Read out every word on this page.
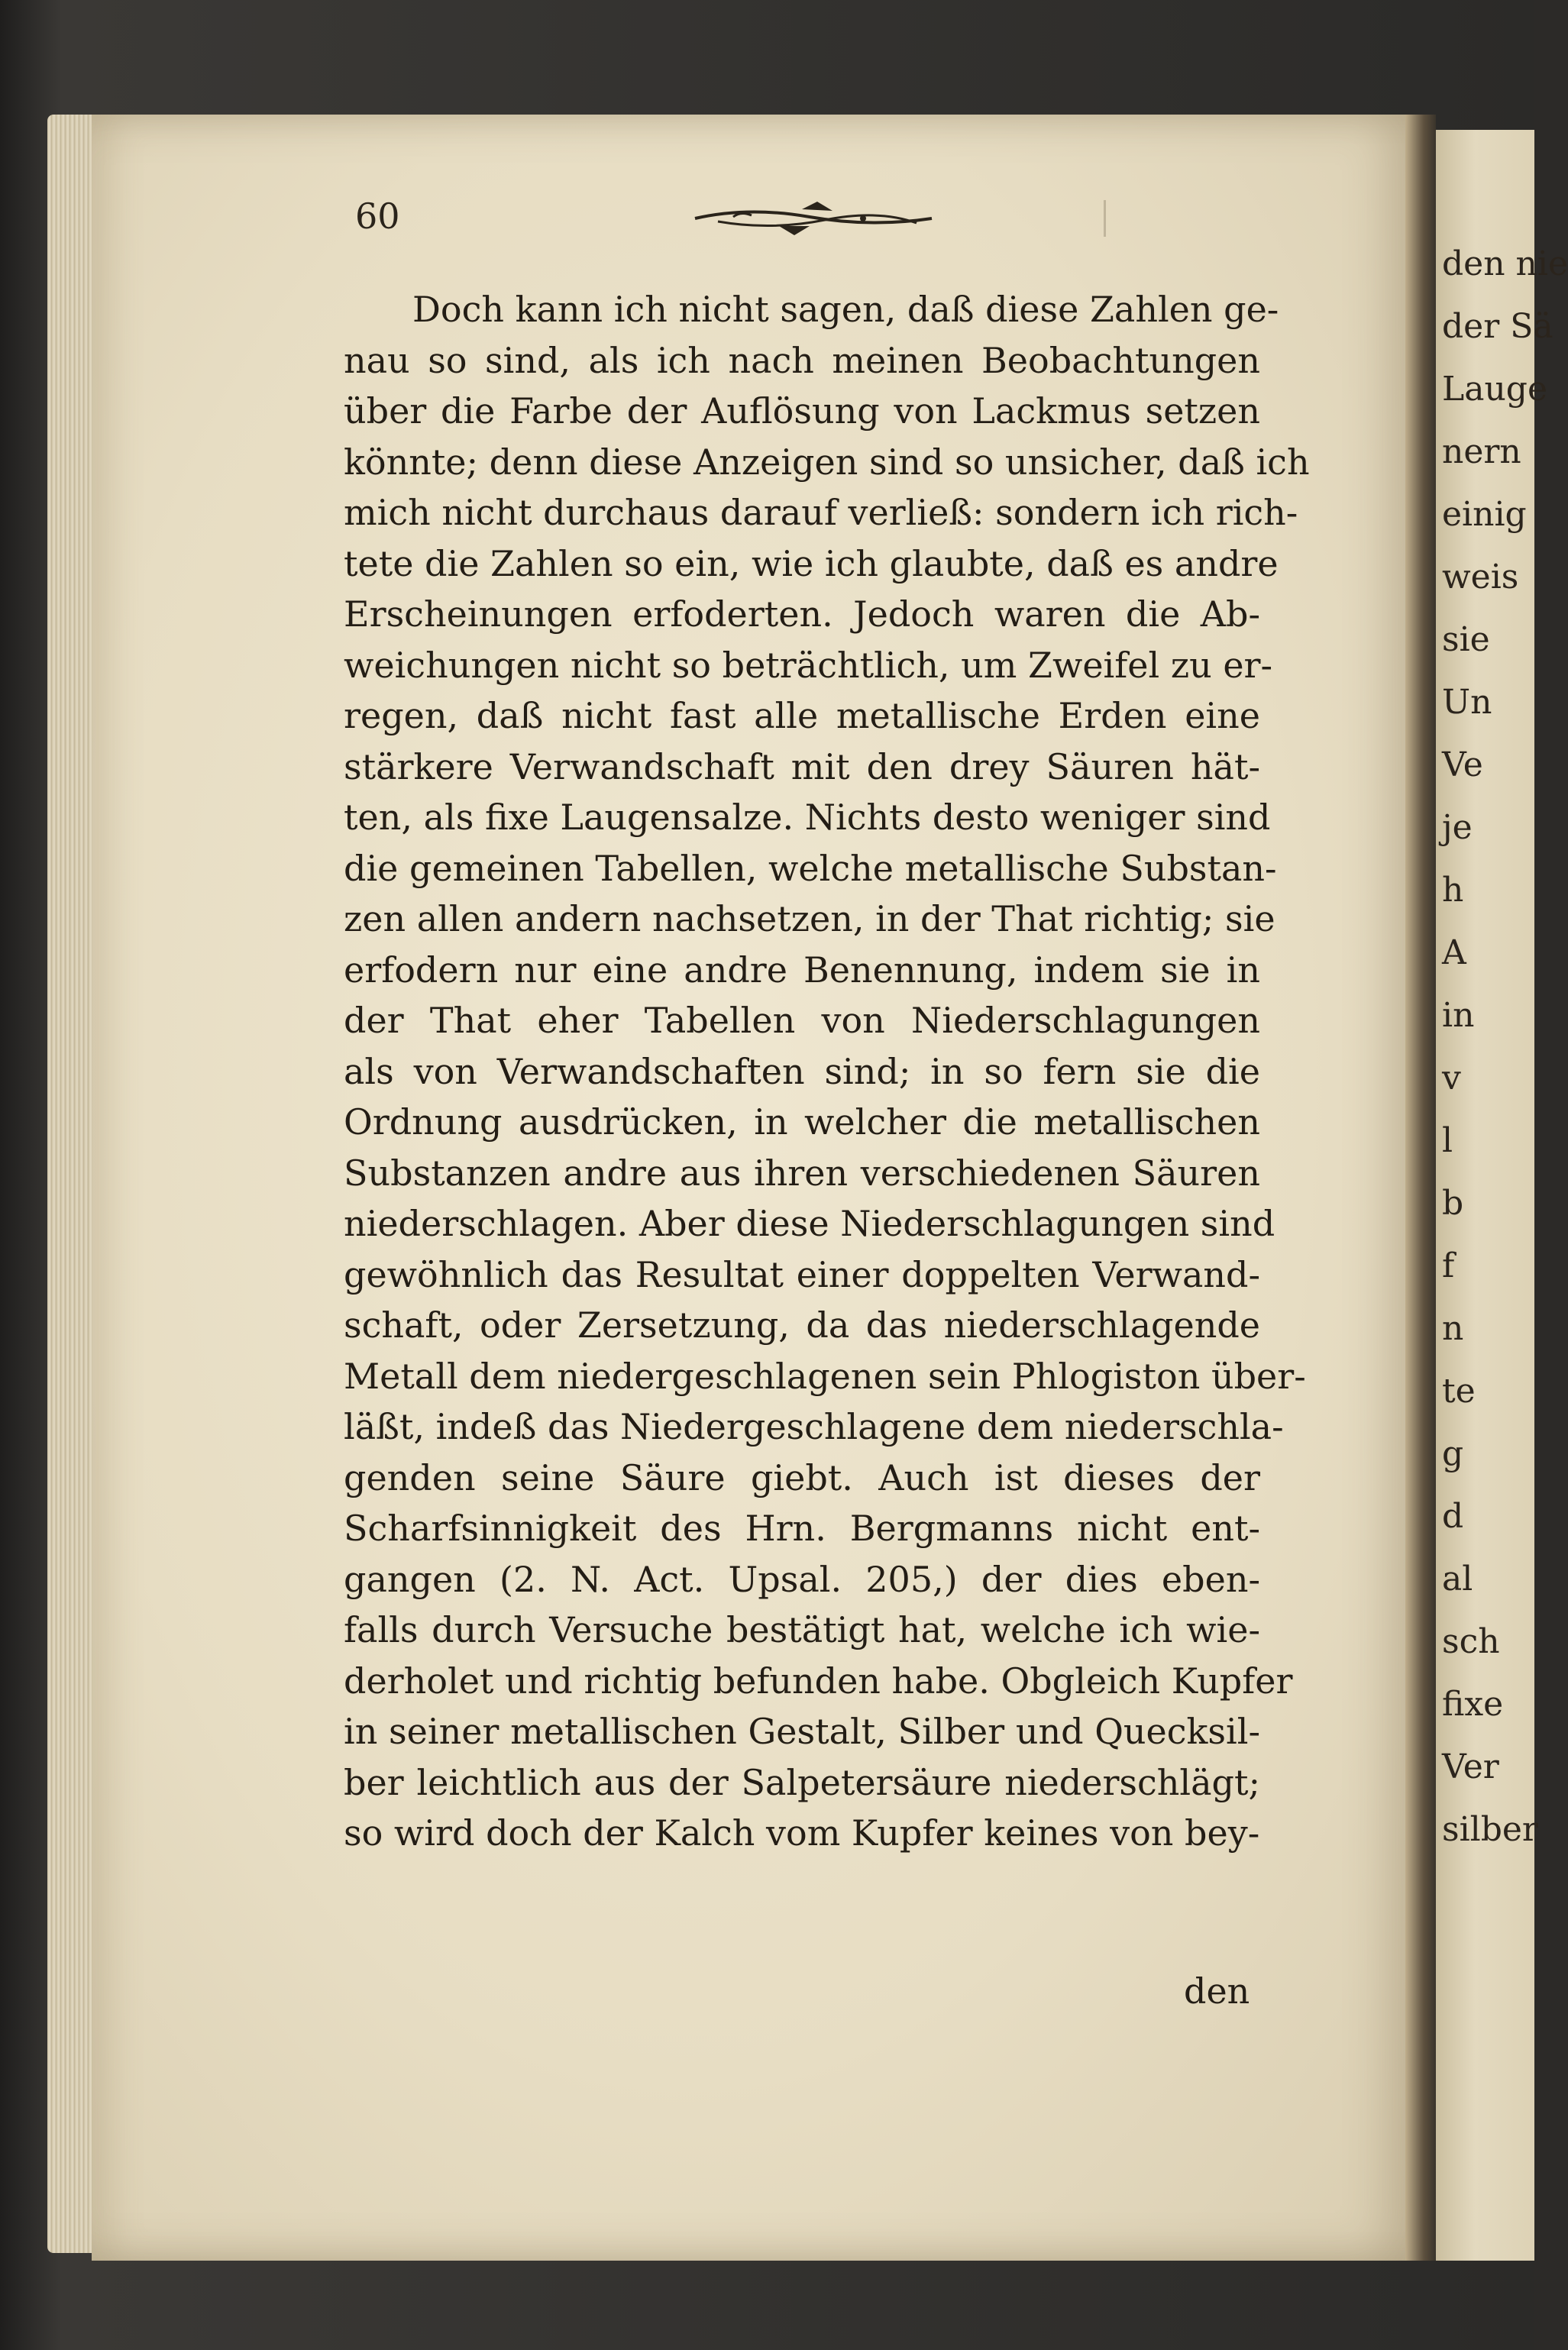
den nie
der Sä
Lauge
nern
einig
weis
sie
Un
Ve
je
h
A
in
v
l
b
f
n
te
g
d
al
sch
fixe
Ver
silber
60
Doch kann ich nicht sagen, daß diese Zahlen ge-
nau so sind, als ich nach meinen Beobachtungen
über die Farbe der Auflösung von Lackmus setzen
könnte; denn diese Anzeigen sind so unsicher, daß ich
mich nicht durchaus darauf verließ: sondern ich rich-
tete die Zahlen so ein, wie ich glaubte, daß es andre
Erscheinungen erfoderten. Jedoch waren die Ab-
weichungen nicht so beträchtlich, um Zweifel zu er-
regen, daß nicht fast alle metallische Erden eine
stärkere Verwandschaft mit den drey Säuren hät-
ten, als fixe Laugensalze. Nichts desto weniger sind
die gemeinen Tabellen, welche metallische Substan-
zen allen andern nachsetzen, in der That richtig; sie
erfodern nur eine andre Benennung, indem sie in
der That eher Tabellen von Niederschlagungen
als von Verwandschaften sind; in so fern sie die
Ordnung ausdrücken, in welcher die metallischen
Substanzen andre aus ihren verschiedenen Säuren
niederschlagen. Aber diese Niederschlagungen sind
gewöhnlich das Resultat einer doppelten Verwand-
schaft, oder Zersetzung, da das niederschlagende
Metall dem niedergeschlagenen sein Phlogiston über-
läßt, indeß das Niedergeschlagene dem niederschla-
genden seine Säure giebt. Auch ist dieses der
Scharfsinnigkeit des Hrn. Bergmanns nicht ent-
gangen (2. N. Act. Upsal. 205,) der dies eben-
falls durch Versuche bestätigt hat, welche ich wie-
derholet und richtig befunden habe. Obgleich Kupfer
in seiner metallischen Gestalt, Silber und Quecksil-
ber leichtlich aus der Salpetersäure niederschlägt;
so wird doch der Kalch vom Kupfer keines von bey-
den
